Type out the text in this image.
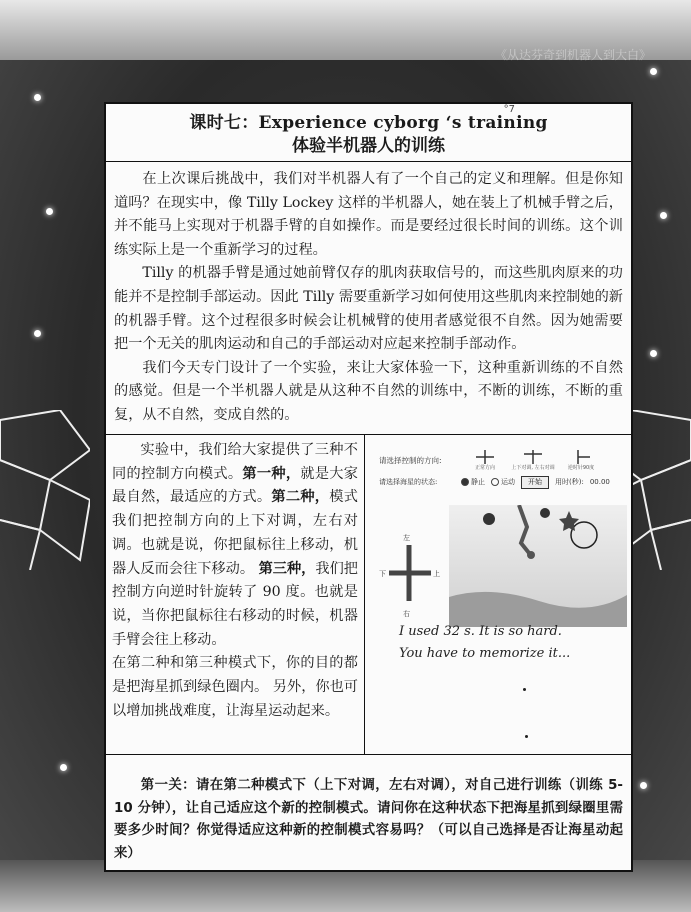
《从达芬奇到机器人到大白》
°7
课时七：Experience cyborg ‘s training
体验半机器人的训练

在上次课后挑战中，我们对半机器人有了一个自己的定义和理解。但是你知道吗？在现实中，像 Tilly Lockey 这样的半机器人，她在装上了机械手臂之后，并不能马上实现对于机器手臂的自如操作。而是要经过很长时间的训练。这个训练实际上是一个重新学习的过程。

Tilly 的机器手臂是通过她前臂仅存的肌肉获取信号的，而这些肌肉原来的功能并不是控制手部运动。因此 Tilly 需要重新学习如何使用这些肌肉来控制她的新的机器手臂。这个过程很多时候会让机械臂的使用者感觉很不自然。因为她需要把一个无关的肌肉运动和自己的手部运动对应起来控制手部动作。

我们今天专门设计了一个实验，来让大家体验一下，这种重新训练的不自然的感觉。但是一个半机器人就是从这种不自然的训练中，不断的训练，不断的重复，从不自然，变成自然的。

实验中，我们给大家提供了三种不同的控制方向模式。第一种，就是大家最自然，最适应的方式。第二种，模式我们把控制方向的上下对调，左右对调。也就是说，你把鼠标往上移动，机器人反而会往下移动。 第三种，我们把控制方向逆时针旋转了 90 度。也就是说，当你把鼠标往右移动的时候，机器手臂会往上移动。

在第二种和第三种模式下，你的目的都是把海星抓到绿色圈内。 另外，你也可以增加挑战难度，让海星运动起来。

请选择控制的方向:
正常方向	上下对调, 左右对调	逆时针90度
请选择海星的状态:	静止	运动	开始	用时(秒): 00.00
左
右
下	上
I used 32 s. It is so hard.
You have to memorize it...

第一关：请在第二种模式下（上下对调，左右对调），对自己进行训练（训练 5-10 分钟），让自己适应这个新的控制模式。请问你在这种状态下把海星抓到绿圈里需要多少时间？你觉得适应这种新的控制模式容易吗？（可以自己选择是否让海星动起来）
